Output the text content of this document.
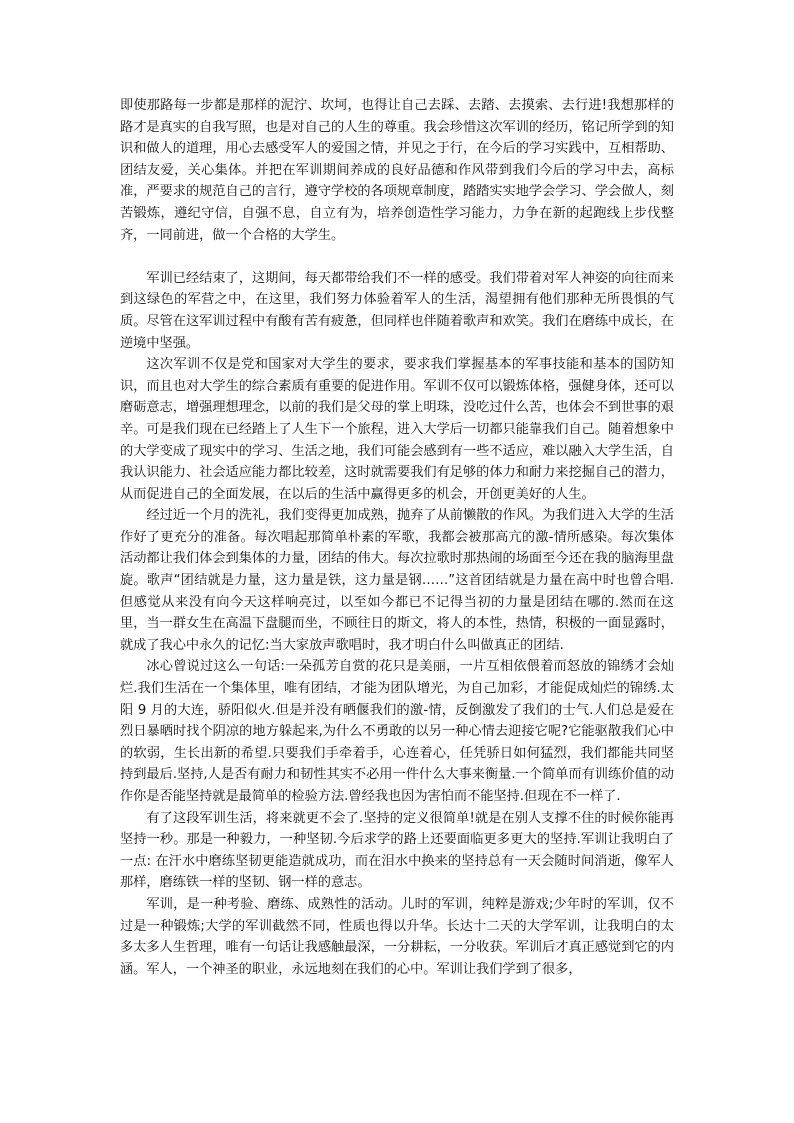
即使那路每一步都是那样的泥泞、坎坷，也得让自己去踩、去踏、去摸索、去行进!我想那样的路才是真实的自我写照，也是对自己的人生的尊重。我会珍惜这次军训的经历，铭记所学到的知识和做人的道理，用心去感受军人的爱国之情，并见之于行，在今后的学习实践中，互相帮助、团结友爱，关心集体。并把在军训期间养成的良好品德和作风带到我们今后的学习中去，高标准，严要求的规范自己的言行，遵守学校的各项规章制度，踏踏实实地学会学习、学会做人，刻苦锻炼，遵纪守信，自强不息，自立有为，培养创造性学习能力，力争在新的起跑线上步伐整齐，一同前进，做一个合格的大学生。

军训已经结束了，这期间，每天都带给我们不一样的感受。我们带着对军人神姿的向往而来到这绿色的军营之中，在这里，我们努力体验着军人的生活，渴望拥有他们那种无所畏惧的气质。尽管在这军训过程中有酸有苦有疲惫，但同样也伴随着歌声和欢笑。我们在磨练中成长，在逆境中坚强。

这次军训不仅是党和国家对大学生的要求，要求我们掌握基本的军事技能和基本的国防知识，而且也对大学生的综合素质有重要的促进作用。军训不仅可以锻炼体格，强健身体，还可以磨砺意志，增强理想理念，以前的我们是父母的掌上明珠，没吃过什么苦，也体会不到世事的艰辛。可是我们现在已经踏上了人生下一个旅程，进入大学后一切都只能靠我们自己。随着想象中的大学变成了现实中的学习、生活之地，我们可能会感到有一些不适应，难以融入大学生活，自我认识能力、社会适应能力都比较差，这时就需要我们有足够的体力和耐力来挖掘自己的潜力，从而促进自己的全面发展，在以后的生活中赢得更多的机会，开创更美好的人生。

经过近一个月的洗礼，我们变得更加成熟，抛弃了从前懒散的作风。为我们进入大学的生活作好了更充分的准备。每次唱起那简单朴素的军歌，我都会被那高亢的激-情所感染。每次集体活动都让我们体会到集体的力量，团结的伟大。每次拉歌时那热闹的场面至今还在我的脑海里盘旋。歌声“团结就是力量，这力量是铁，这力量是钢……”这首团结就是力量在高中时也曾合唱.但感觉从来没有向今天这样响亮过，以至如今都已不记得当初的力量是团结在哪的.然而在这里，当一群女生在高温下盘腿而坐，不顾往日的斯文，将人的本性，热情，积极的一面显露时，就成了我心中永久的记忆:当大家放声歌唱时，我才明白什么叫做真正的团结.

冰心曾说过这么一句话:一朵孤芳自赏的花只是美丽，一片互相依偎着而怒放的锦绣才会灿烂.我们生活在一个集体里，唯有团结，才能为团队增光，为自己加彩，才能促成灿烂的锦绣.太阳 9 月的大连，骄阳似火.但是并没有晒偃我们的激-情，反倒激发了我们的士气.人们总是爱在烈日暴晒时找个阴凉的地方躲起来,为什么不勇敢的以另一种心情去迎接它呢?它能驱散我们心中的软弱，生长出新的希望.只要我们手牵着手，心连着心，任凭骄日如何猛烈，我们都能共同坚持到最后.坚持,人是否有耐力和韧性其实不必用一件什么大事来衡量.一个简单而有训练价值的动作你是否能坚持就是最简单的检验方法.曾经我也因为害怕而不能坚持.但现在不一样了.

有了这段军训生活，将来就更不会了.坚持的定义很简单!就是在别人支撑不住的时候你能再坚持一秒。那是一种毅力，一种坚韧.今后求学的路上还要面临更多更大的坚持.军训让我明白了一点: 在汗水中磨练坚韧更能造就成功，而在泪水中换来的坚持总有一天会随时间消逝，像军人那样，磨练铁一样的坚韧、钢一样的意志。

军训，是一种考验、磨练、成熟性的活动。儿时的军训，纯粹是游戏;少年时的军训，仅不过是一种锻炼;大学的军训截然不同，性质也得以升华。长达十二天的大学军训，让我明白的太多太多人生哲理，唯有一句话让我感触最深，一分耕耘，一分收获。军训后才真正感觉到它的内涵。军人，一个神圣的职业，永远地刻在我们的心中。军训让我们学到了很多，
